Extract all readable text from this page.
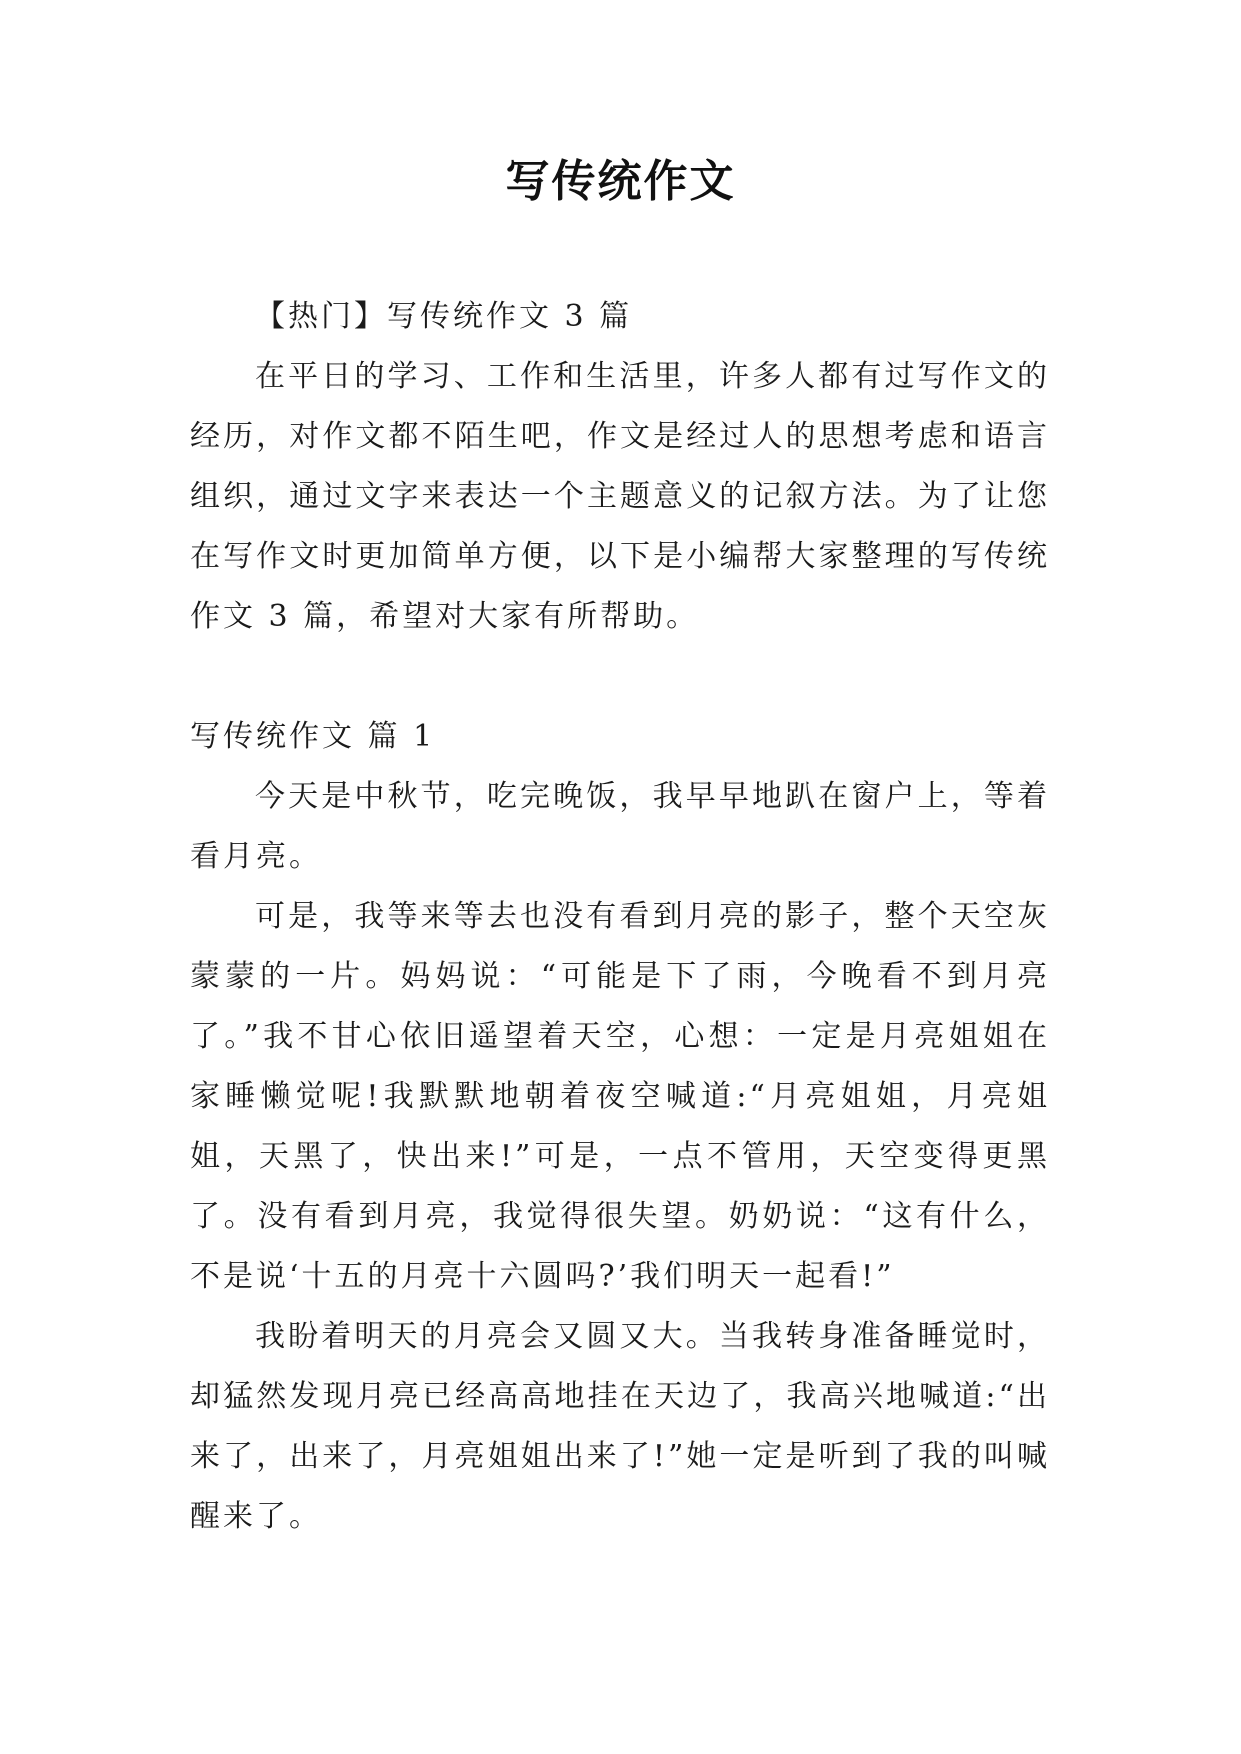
写传统作文

【热门】写传统作文 3 篇

在平日的学习、工作和生活里，许多人都有过写作文的经历，对作文都不陌生吧，作文是经过人的思想考虑和语言组织，通过文字来表达一个主题意义的记叙方法。为了让您在写作文时更加简单方便，以下是小编帮大家整理的写传统作文 3 篇，希望对大家有所帮助。

写传统作文 篇 1

今天是中秋节，吃完晚饭，我早早地趴在窗户上，等着看月亮。

可是，我等来等去也没有看到月亮的影子，整个天空灰蒙蒙的一片。妈妈说：“可能是下了雨，今晚看不到月亮了。”我不甘心依旧遥望着天空，心想：一定是月亮姐姐在家睡懒觉呢!我默默地朝着夜空喊道:“月亮姐姐，月亮姐姐，天黑了，快出来!”可是，一点不管用，天空变得更黑了。没有看到月亮，我觉得很失望。奶奶说：“这有什么，不是说‘十五的月亮十六圆吗?’我们明天一起看!”

我盼着明天的月亮会又圆又大。当我转身准备睡觉时，却猛然发现月亮已经高高地挂在天边了，我高兴地喊道:“出来了，出来了，月亮姐姐出来了!”她一定是听到了我的叫喊醒来了。
